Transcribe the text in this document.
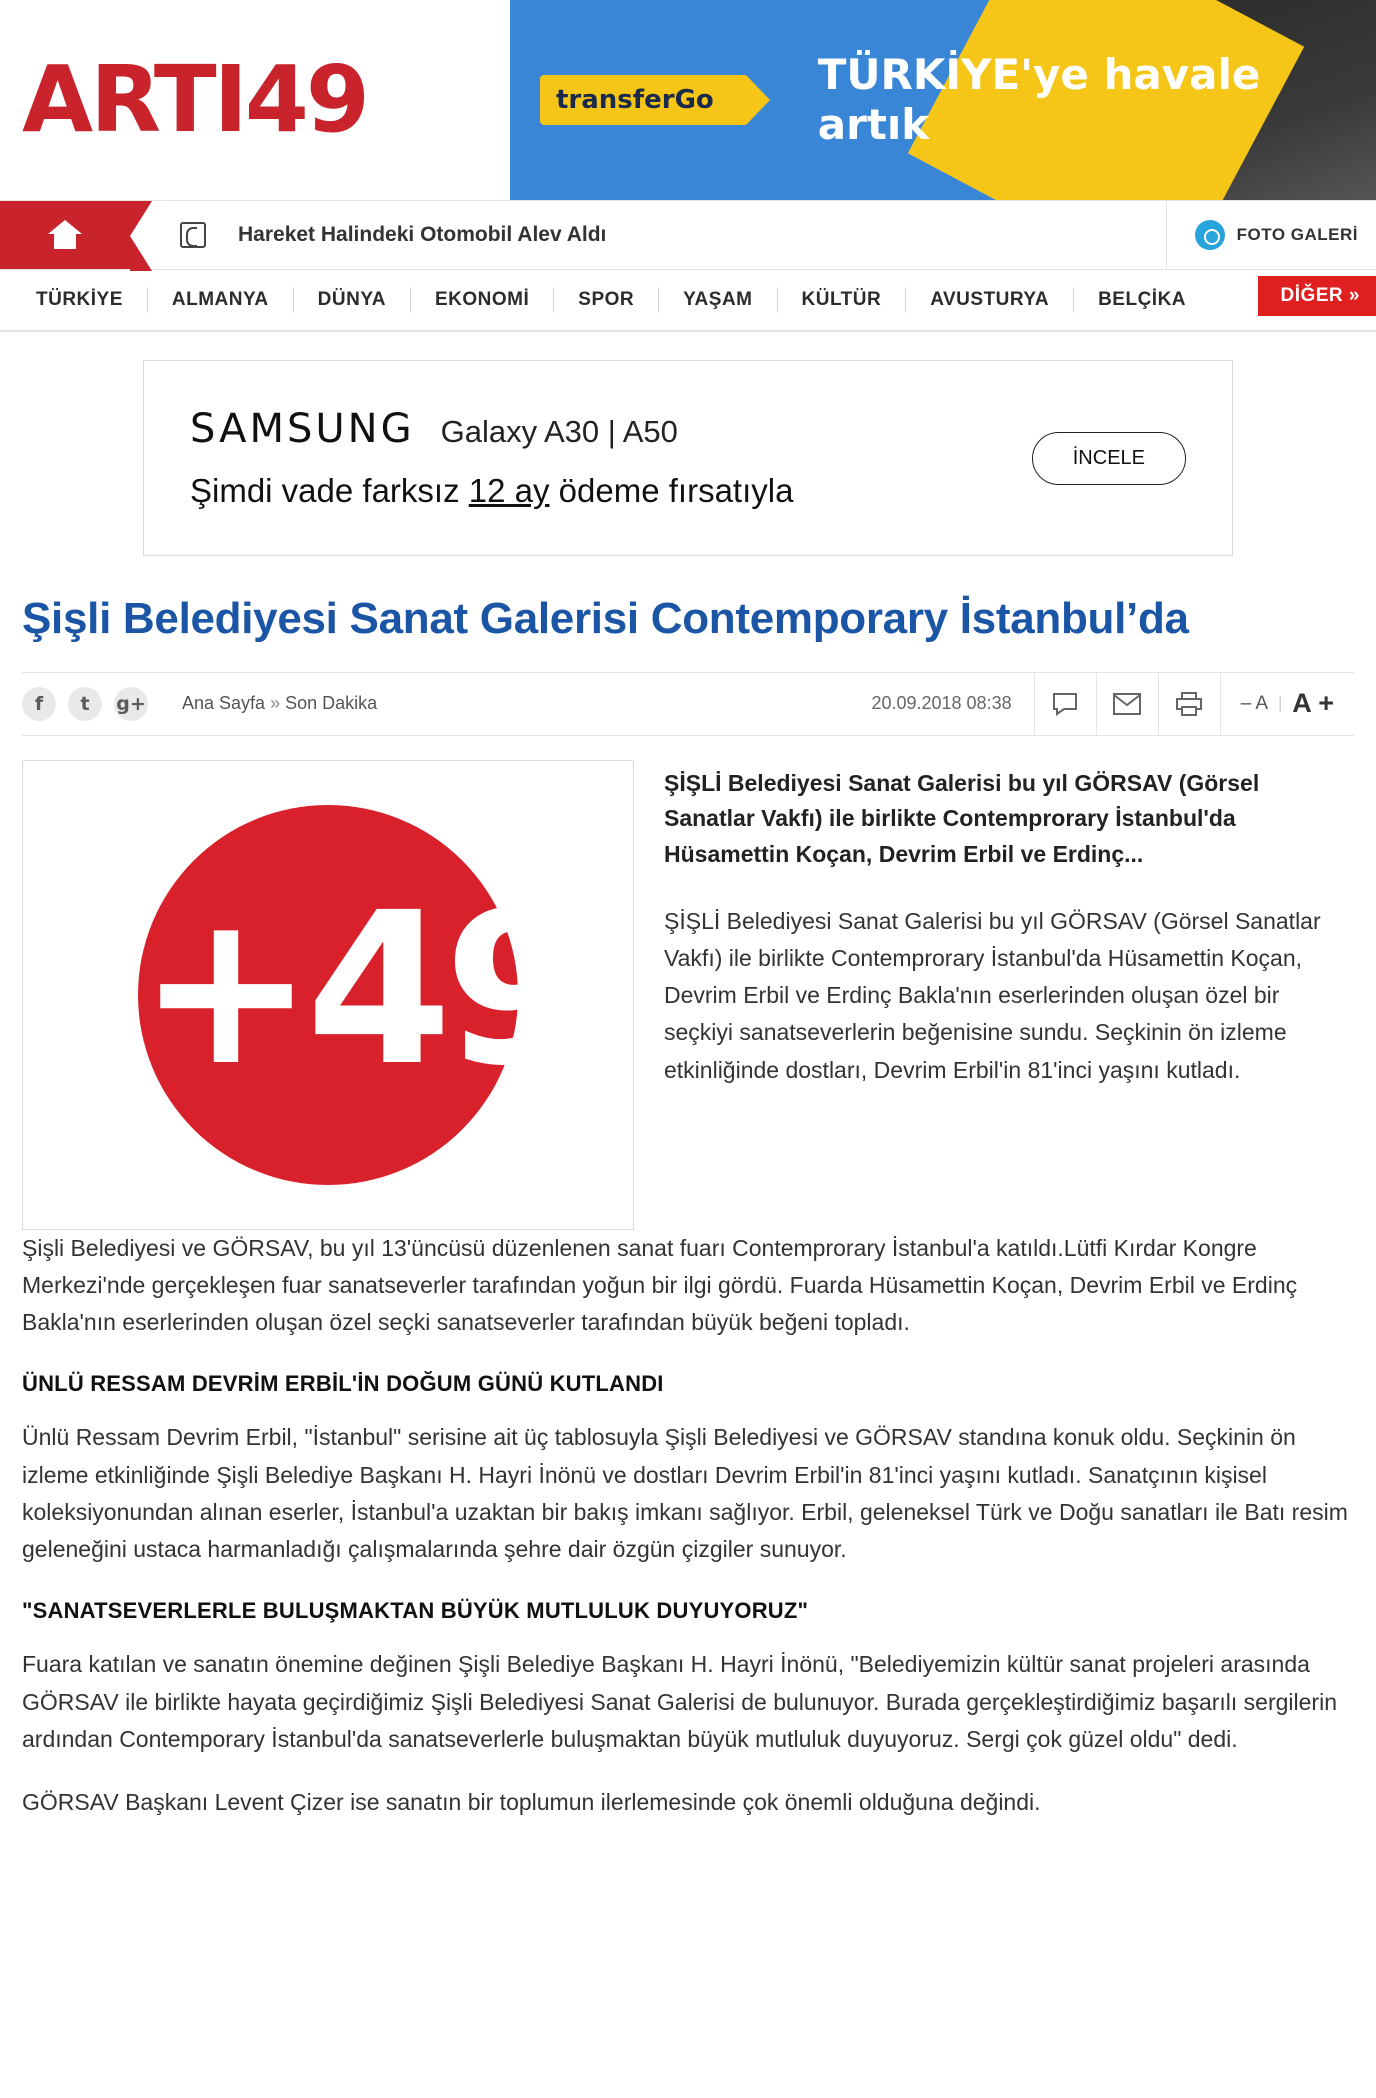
ARTI49	transferGo
TÜRKİYE'ye havale
artık ücretsiz!
Hareket Halindeki Otomobil Alev Aldı	FOTO GALERİ
TÜRKİYE	ALMANYA	DÜNYA	EKONOMİ	SPOR	YAŞAM	KÜLTÜR	AVUSTURYA	BELÇİKA	DİĞER »
SAMSUNG Galaxy A30 | A50
Şimdi vade farksız 12 ay ödeme fırsatıyla
İNCELE
Şişli Belediyesi Sanat Galerisi Contemporary İstanbul’da
f	t	g+	Ana Sayfa » Son Dakika	20.09.2018 08:38	– A | A +
+49

ŞİŞLİ Belediyesi Sanat Galerisi bu yıl GÖRSAV (Görsel Sanatlar Vakfı) ile birlikte Contemprorary İstanbul'da Hüsamettin Koçan, Devrim Erbil ve Erdinç...

ŞİŞLİ Belediyesi Sanat Galerisi bu yıl GÖRSAV (Görsel Sanatlar Vakfı) ile birlikte Contemprorary İstanbul'da Hüsamettin Koçan, Devrim Erbil ve Erdinç Bakla'nın eserlerinden oluşan özel bir seçkiyi sanatseverlerin beğenisine sundu. Seçkinin ön izleme etkinliğinde dostları, Devrim Erbil'in 81'inci yaşını kutladı.

Şişli Belediyesi ve GÖRSAV, bu yıl 13'üncüsü düzenlenen sanat fuarı Contemprorary İstanbul'a katıldı.Lütfi Kırdar Kongre Merkezi'nde gerçekleşen fuar sanatseverler tarafından yoğun bir ilgi gördü. Fuarda Hüsamettin Koçan, Devrim Erbil ve Erdinç Bakla'nın eserlerinden oluşan özel seçki sanatseverler tarafından büyük beğeni topladı.

ÜNLÜ RESSAM DEVRİM ERBİL'İN DOĞUM GÜNÜ KUTLANDI

Ünlü Ressam Devrim Erbil, "İstanbul" serisine ait üç tablosuyla Şişli Belediyesi ve GÖRSAV standına konuk oldu. Seçkinin ön izleme etkinliğinde Şişli Belediye Başkanı H. Hayri İnönü ve dostları Devrim Erbil'in 81'inci yaşını kutladı. Sanatçının kişisel koleksiyonundan alınan eserler, İstanbul'a uzaktan bir bakış imkanı sağlıyor. Erbil, geleneksel Türk ve Doğu sanatları ile Batı resim geleneğini ustaca harmanladığı çalışmalarında şehre dair özgün çizgiler sunuyor.

"SANATSEVERLERLE BULUŞMAKTAN BÜYÜK MUTLULUK DUYUYORUZ"

Fuara katılan ve sanatın önemine değinen Şişli Belediye Başkanı H. Hayri İnönü, "Belediyemizin kültür sanat projeleri arasında GÖRSAV ile birlikte hayata geçirdiğimiz Şişli Belediyesi Sanat Galerisi de bulunuyor. Burada gerçekleştirdiğimiz başarılı sergilerin ardından Contemporary İstanbul'da sanatseverlerle buluşmaktan büyük mutluluk duyuyoruz. Sergi çok güzel oldu" dedi.

GÖRSAV Başkanı Levent Çizer ise sanatın bir toplumun ilerlemesinde çok önemli olduğuna değindi.
